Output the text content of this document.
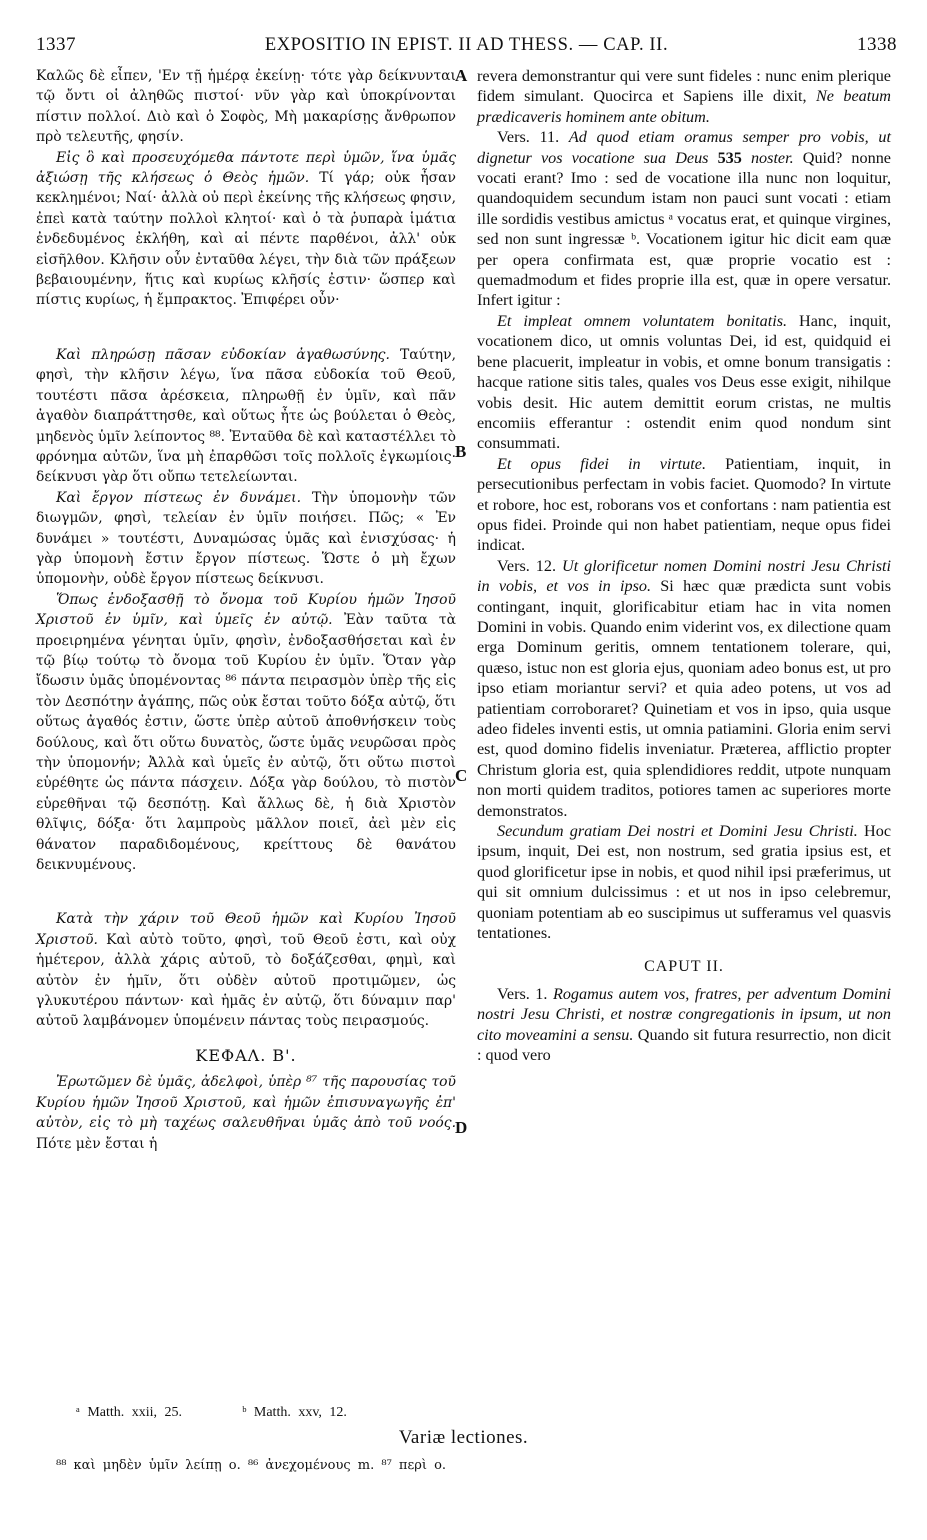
1337	EXPOSITIO IN EPIST. II AD THESS. — CAP. II.	1338

Καλῶς δὲ εἶπεν, 'Εν τῇ ἡμέρᾳ ἐκείνῃ· τότε γὰρ δείκνυνται τῷ ὄντι οἱ ἀληθῶς πιστοί· νῦν γὰρ καὶ ὑποκρίνονται πίστιν πολλοί. Διὸ καὶ ὁ Σοφὸς, Μὴ μακαρίσῃς ἄνθρωπον πρὸ τελευτῆς, φησίν.

Εἰς ὃ καὶ προσευχόμεθα πάντοτε περὶ ὑμῶν, ἵνα ὑμᾶς ἀξιώσῃ τῆς κλήσεως ὁ Θεὸς ἡμῶν. Τί γάρ; οὐκ ἦσαν κεκλημένοι; Ναί· ἀλλὰ οὐ περὶ ἐκείνης τῆς κλήσεως φησιν, ἐπεὶ κατὰ ταύτην πολλοὶ κλητοί· καὶ ὁ τὰ ῥυπαρὰ ἱμάτια ἐνδεδυμένος ἐκλήθη, καὶ αἱ πέντε παρθένοι, ἀλλ' οὐκ εἰσῆλθον. Κλῆσιν οὖν ἐνταῦθα λέγει, τὴν διὰ τῶν πράξεων βεβαιουμένην, ἥτις καὶ κυρίως κλῆσίς ἐστιν· ὥσπερ καὶ πίστις κυρίως, ἡ ἔμπρακτος. Ἐπιφέρει οὖν·

Καὶ πληρώσῃ πᾶσαν εὐδοκίαν ἀγαθωσύνης. Ταύτην, φησὶ, τὴν κλῆσιν λέγω, ἵνα πᾶσα εὐδοκία τοῦ Θεοῦ, τουτέστι πᾶσα ἀρέσκεια, πληρωθῇ ἐν ὑμῖν, καὶ πᾶν ἀγαθὸν διαπράττησθε, καὶ οὕτως ἦτε ὡς βούλεται ὁ Θεὸς, μηδενὸς ὑμῖν λείποντος ⁸⁸. Ἐνταῦθα δὲ καὶ καταστέλλει τὸ φρόνημα αὐτῶν, ἵνα μὴ ἐπαρθῶσι τοῖς πολλοῖς ἐγκωμίοις· δείκνυσι γὰρ ὅτι οὔπω τετελείωνται.

Καὶ ἔργον πίστεως ἐν δυνάμει. Τὴν ὑπομονὴν τῶν διωγμῶν, φησὶ, τελείαν ἐν ὑμῖν ποιήσει. Πῶς; « Ἐν δυνάμει » τουτέστι, Δυναμώσας ὑμᾶς καὶ ἐνισχύσας· ἡ γὰρ ὑπομονὴ ἔστιν ἔργον πίστεως. Ὥστε ὁ μὴ ἔχων ὑπομονὴν, οὐδὲ ἔργον πίστεως δείκνυσι.

Ὅπως ἐνδοξασθῇ τὸ ὄνομα τοῦ Κυρίου ἡμῶν Ἰησοῦ Χριστοῦ ἐν ὑμῖν, καὶ ὑμεῖς ἐν αὐτῷ. Ἐὰν ταῦτα τὰ προειρημένα γένηται ὑμῖν, φησὶν, ἐνδοξασθήσεται καὶ ἐν τῷ βίῳ τούτῳ τὸ ὄνομα τοῦ Κυρίου ἐν ὑμῖν. Ὅταν γὰρ ἴδωσιν ὑμᾶς ὑπομένοντας ⁸⁶ πάντα πειρασμὸν ὑπὲρ τῆς εἰς τὸν Δεσπότην ἀγάπης, πῶς οὐκ ἔσται τοῦτο δόξα αὐτῷ, ὅτι οὕτως ἀγαθός ἐστιν, ὥστε ὑπὲρ αὐτοῦ ἀποθνήσκειν τοὺς δούλους, καὶ ὅτι οὕτω δυνατὸς, ὥστε ὑμᾶς νευρῶσαι πρὸς τὴν ὑπομονήν; Ἀλλὰ καὶ ὑμεῖς ἐν αὐτῷ, ὅτι οὕτω πιστοὶ εὑρέθητε ὡς πάντα πάσχειν. Δόξα γὰρ δούλου, τὸ πιστὸν εὑρεθῆναι τῷ δεσπότῃ. Καὶ ἄλλως δὲ, ἡ διὰ Χριστὸν θλῖψις, δόξα· ὅτι λαμπροὺς μᾶλλον ποιεῖ, ἀεὶ μὲν εἰς θάνατον παραδιδομένους, κρείττους δὲ θανάτου δεικνυμένους.

Κατὰ τὴν χάριν τοῦ Θεοῦ ἡμῶν καὶ Κυρίου Ἰησοῦ Χριστοῦ. Καὶ αὐτὸ τοῦτο, φησὶ, τοῦ Θεοῦ ἐστι, καὶ οὐχ ἡμέτερον, ἀλλὰ χάρις αὐτοῦ, τὸ δοξάζεσθαι, φημὶ, καὶ αὐτὸν ἐν ἡμῖν, ὅτι οὐδὲν αὐτοῦ προτιμῶμεν, ὡς γλυκυτέρου πάντων· καὶ ἡμᾶς ἐν αὐτῷ, ὅτι δύναμιν παρ' αὐτοῦ λαμβάνομεν ὑπομένειν πάντας τοὺς πειρασμούς.

ΚΕΦΑΛ. Β'.

Ἐρωτῶμεν δὲ ὑμᾶς, ἀδελφοὶ, ὑπὲρ ⁸⁷ τῆς παρουσίας τοῦ Κυρίου ἡμῶν Ἰησοῦ Χριστοῦ, καὶ ἡμῶν ἐπισυναγωγῆς ἐπ' αὐτὸν, εἰς τὸ μὴ ταχέως σαλευθῆναι ὑμᾶς ἀπὸ τοῦ νοός. Πότε μὲν ἔσται ἡ

A
B
C
D

revera demonstrantur qui vere sunt fideles : nunc enim plerique fidem simulant. Quocirca et Sapiens ille dixit, Ne beatum prædicaveris hominem ante obitum.

Vers. 11. Ad quod etiam oramus semper pro vobis, ut dignetur vos vocatione sua Deus 535 noster. Quid? nonne vocati erant? Imo : sed de vocatione illa nunc non loquitur, quandoquidem secundum istam non pauci sunt vocati : etiam ille sordidis vestibus amictus ᵃ vocatus erat, et quinque virgines, sed non sunt ingressæ ᵇ. Vocationem igitur hic dicit eam quæ per opera confirmata est, quæ proprie vocatio est : quemadmodum et fides proprie illa est, quæ in opere versatur. Infert igitur :

Et impleat omnem voluntatem bonitatis. Hanc, inquit, vocationem dico, ut omnis voluntas Dei, id est, quidquid ei bene placuerit, impleatur in vobis, et omne bonum transigatis : hacque ratione sitis tales, quales vos Deus esse exigit, nihilque vobis desit. Hic autem demittit eorum cristas, ne multis encomiis efferantur : ostendit enim quod nondum sint consummati.

Et opus fidei in virtute. Patientiam, inquit, in persecutionibus perfectam in vobis faciet. Quomodo? In virtute et robore, hoc est, roborans vos et confortans : nam patientia est opus fidei. Proinde qui non habet patientiam, neque opus fidei indicat.

Vers. 12. Ut glorificetur nomen Domini nostri Jesu Christi in vobis, et vos in ipso. Si hæc quæ prædicta sunt vobis contingant, inquit, glorificabitur etiam hac in vita nomen Domini in vobis. Quando enim viderint vos, ex dilectione quam erga Dominum geritis, omnem tentationem tolerare, qui, quæso, istuc non est gloria ejus, quoniam adeo bonus est, ut pro ipso etiam moriantur servi? et quia adeo potens, ut vos ad patientiam corroboraret? Quinetiam et vos in ipso, quia usque adeo fideles inventi estis, ut omnia patiamini. Gloria enim servi est, quod domino fidelis inveniatur. Præterea, afflictio propter Christum gloria est, quia splendidiores reddit, utpote nunquam non morti quidem traditos, potiores tamen ac superiores morte demonstratos.

Secundum gratiam Dei nostri et Domini Jesu Christi. Hoc ipsum, inquit, Dei est, non nostrum, sed gratia ipsius est, et quod glorificetur ipse in nobis, et quod nihil ipsi præferimus, ut qui sit omnium dulcissimus : et ut nos in ipso celebremur, quoniam potentiam ab eo suscipimus ut sufferamus vel quasvis tentationes.

CAPUT II.

Vers. 1. Rogamus autem vos, fratres, per adventum Domini nostri Jesu Christi, et nostræ congregationis in ipsum, ut non cito moveamini a sensu. Quando sit futura resurrectio, non dicit : quod vero

ᵃ Matth. xxii, 25.	ᵇ Matth. xxv, 12.
Variæ lectiones.
⁸⁸ καὶ μηδὲν ὑμῖν λείπῃ ο. ⁸⁶ ἀνεχομένους m. ⁸⁷ περὶ ο.
